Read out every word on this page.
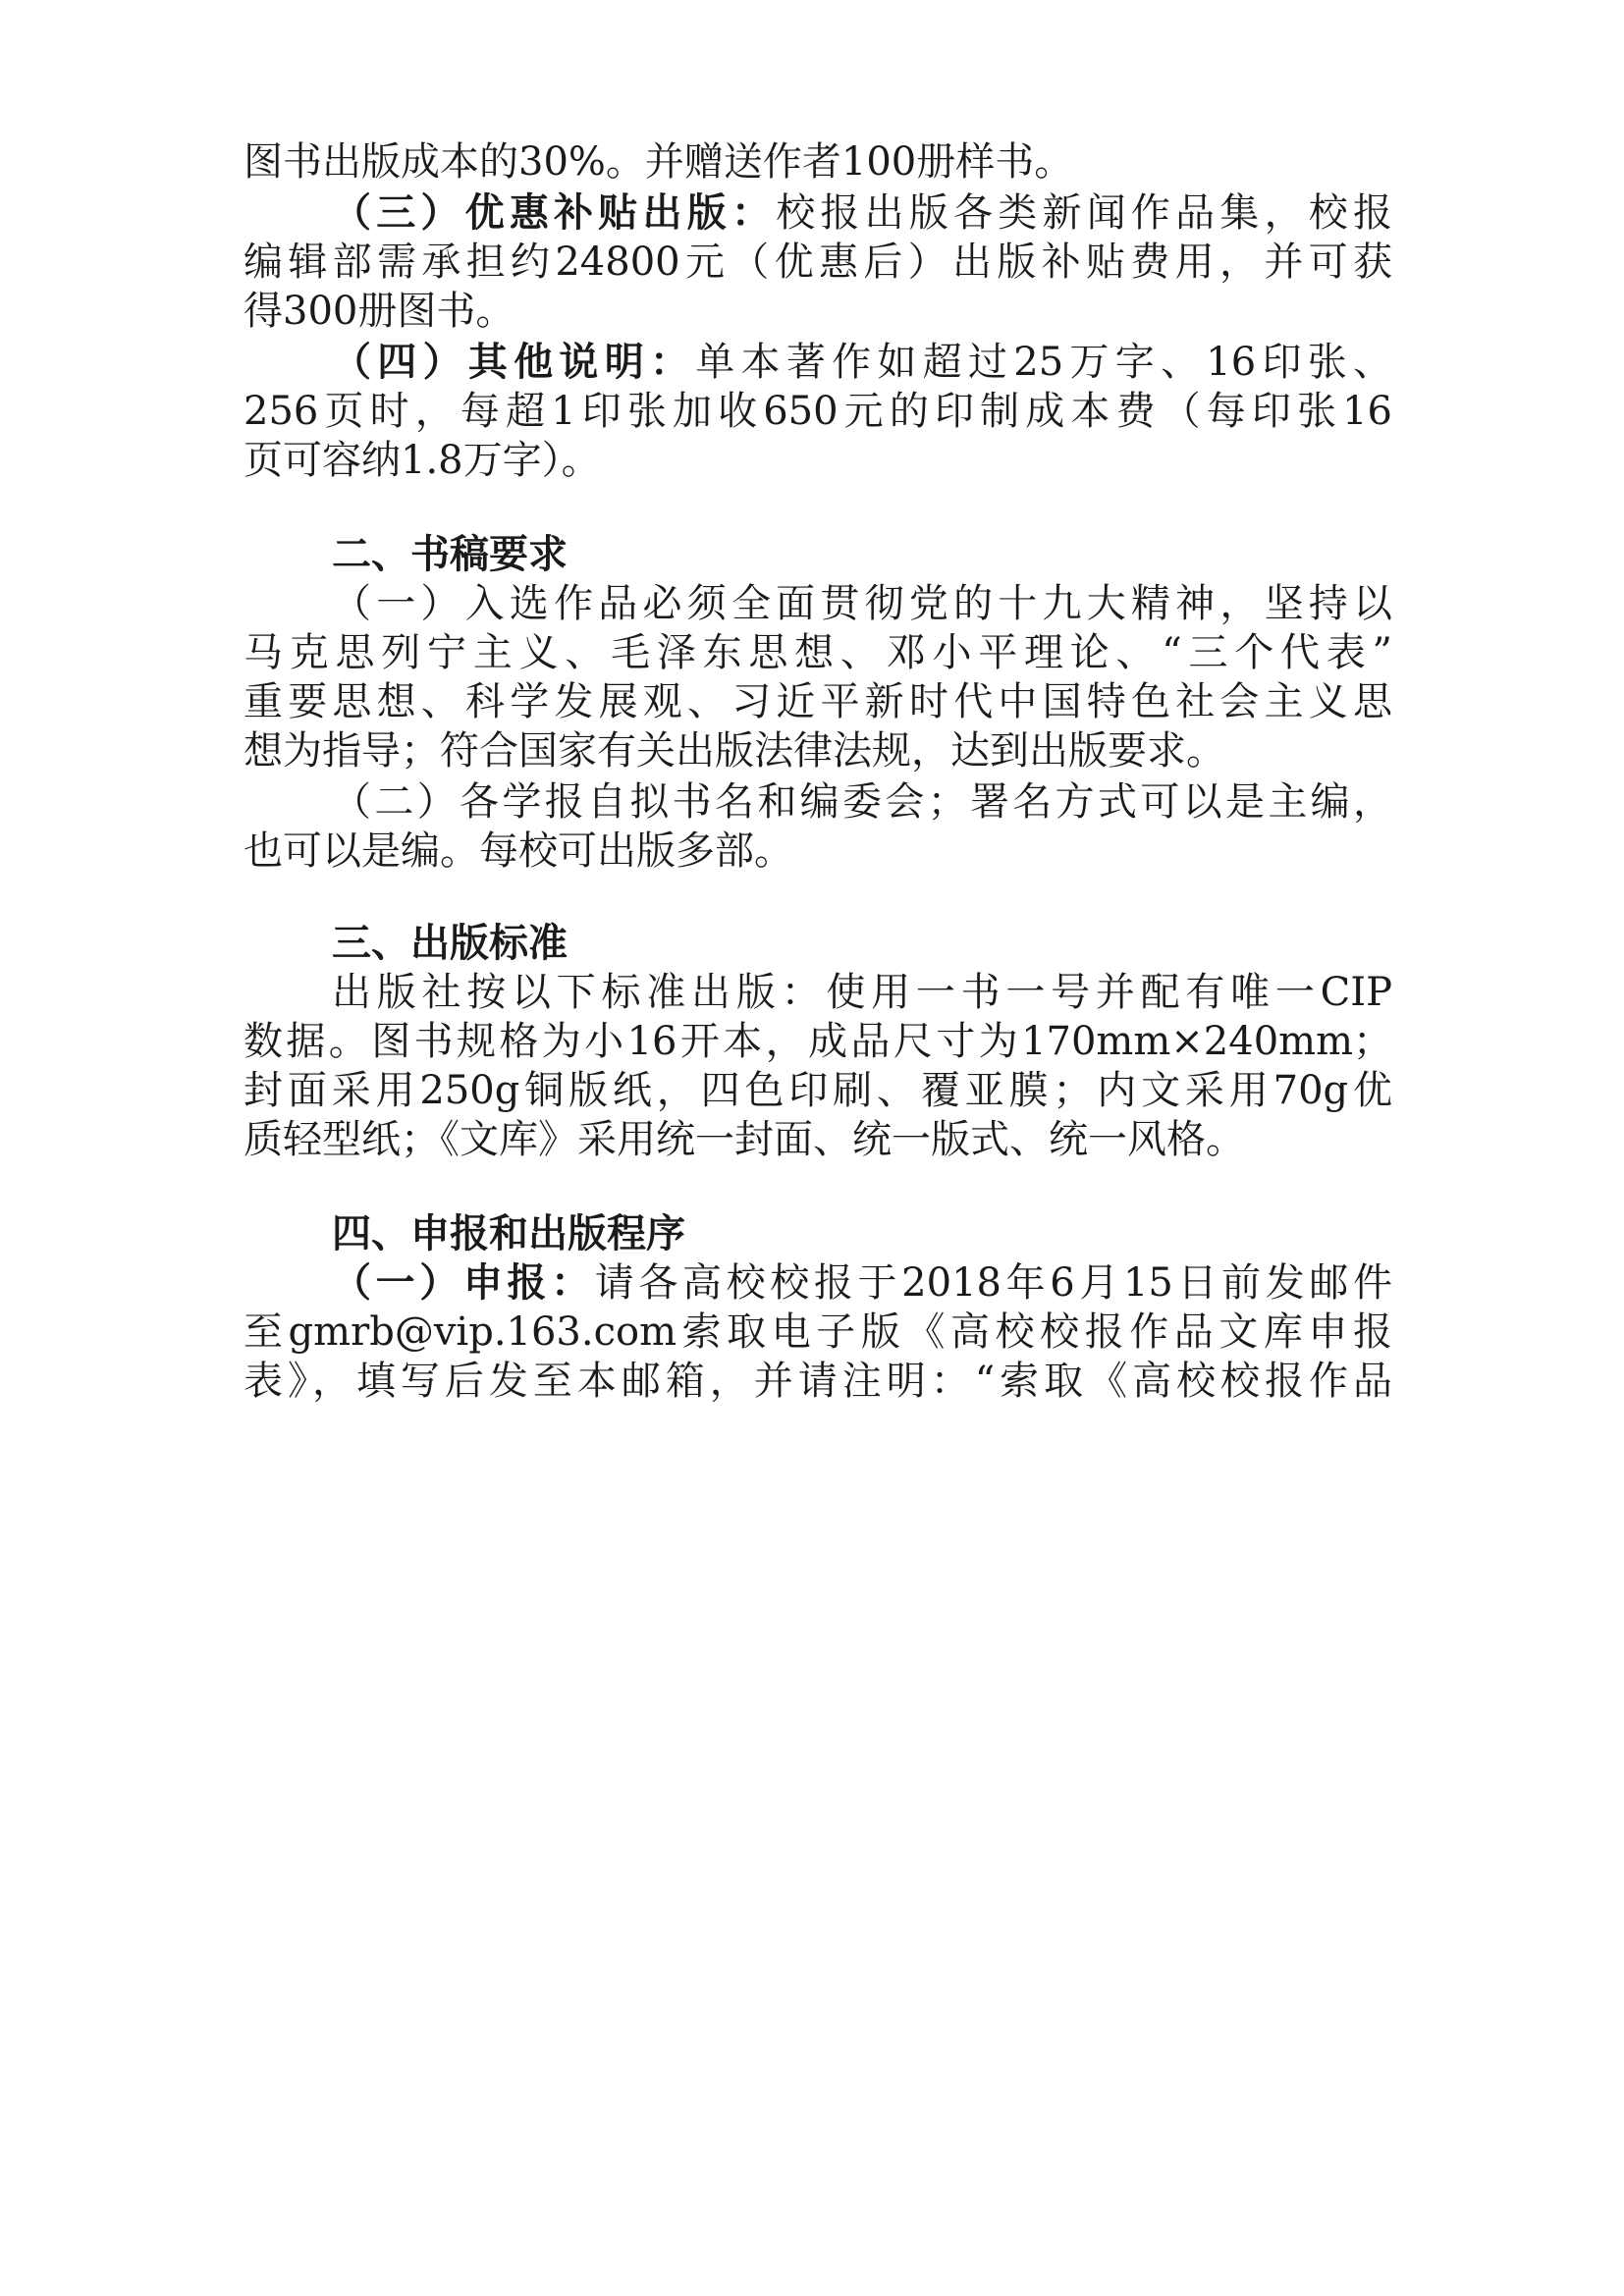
图书出版成本的30%。并赠送作者100册样书。
（三）优惠补贴出版：校报出版各类新闻作品集，校报
编辑部需承担约24800元（优惠后）出版补贴费用，并可获
得300册图书。
（四）其他说明：单本著作如超过25万字、16印张、
256页时，每超1印张加收650元的印制成本费（每印张16
页可容纳1.8万字）。
二、书稿要求
（一）入选作品必须全面贯彻党的十九大精神，坚持以
马克思列宁主义、毛泽东思想、邓小平理论、“三个代表”
重要思想、科学发展观、习近平新时代中国特色社会主义思
想为指导；符合国家有关出版法律法规，达到出版要求。
（二）各学报自拟书名和编委会；署名方式可以是主编，
也可以是编。每校可出版多部。
三、出版标准
出版社按以下标准出版：使用一书一号并配有唯一CIP
数据。图书规格为小16开本，成品尺寸为170mm×240mm；
封面采用250g铜版纸，四色印刷、覆亚膜；内文采用70g优
质轻型纸；《文库》采用统一封面、统一版式、统一风格。
四、申报和出版程序
（一）申报：请各高校校报于2018年6月15日前发邮件
至gmrb@vip.163.com索取电子版《高校校报作品文库申报
表》，填写后发至本邮箱，并请注明：“索取《高校校报作品
